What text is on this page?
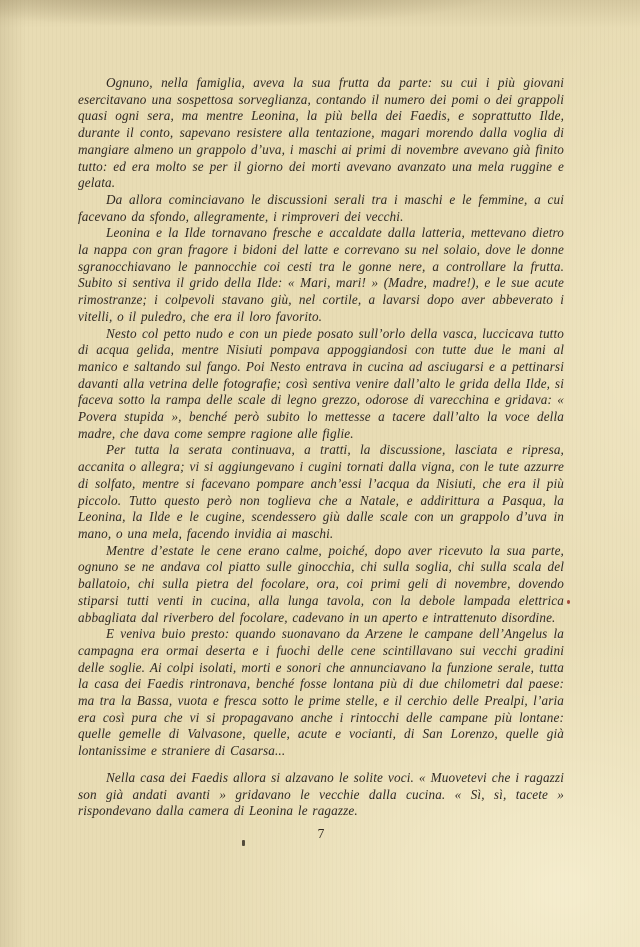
Ognuno, nella famiglia, aveva la sua frutta da parte: su cui i più giovani esercitavano una sospettosa sorveglianza, contando il numero dei pomi o dei grappoli quasi ogni sera, ma mentre Leonina, la più bella dei Faedis, e soprattutto Ilde, durante il conto, sapevano resistere alla tentazione, magari morendo dalla voglia di mangiare almeno un grappolo d’uva, i maschi ai primi di novembre avevano già finito tutto: ed era molto se per il giorno dei morti avevano avanzato una mela ruggine e gelata.

Da allora cominciavano le discussioni serali tra i maschi e le femmine, a cui facevano da sfondo, allegramente, i rimproveri dei vecchi.

Leonina e la Ilde tornavano fresche e accaldate dalla latteria, mettevano dietro la nappa con gran fragore i bidoni del latte e correvano su nel solaio, dove le donne sgranocchiavano le pannocchie coi cesti tra le gonne nere, a controllare la frutta. Subito si sentiva il grido della Ilde: « Mari, mari! » (Madre, madre!), e le sue acute rimostranze; i colpevoli stavano giù, nel cortile, a lavarsi dopo aver abbeverato i vitelli, o il puledro, che era il loro favorito.

Nesto col petto nudo e con un piede posato sull’orlo della vasca, luccicava tutto di acqua gelida, mentre Nisiuti pompava appoggiandosi con tutte due le mani al manico e saltando sul fango. Poi Nesto entrava in cucina ad asciugarsi e a pettinarsi davanti alla vetrina delle fotografie; così sentiva venire dall’alto le grida della Ilde, si faceva sotto la rampa delle scale di legno grezzo, odorose di varecchina e gridava: « Povera stupida », benché però subito lo mettesse a tacere dall’alto la voce della madre, che dava come sempre ragione alle figlie.

Per tutta la serata continuava, a tratti, la discussione, lasciata e ripresa, accanita o allegra; vi si aggiungevano i cugini tornati dalla vigna, con le tute azzurre di solfato, mentre si facevano pompare anch’essi l’acqua da Nisiuti, che era il più piccolo. Tutto questo però non toglieva che a Natale, e addirittura a Pasqua, la Leonina, la Ilde e le cugine, scendessero giù dalle scale con un grappolo d’uva in mano, o una mela, facendo invidia ai maschi.

Mentre d’estate le cene erano calme, poiché, dopo aver ricevuto la sua parte, ognuno se ne andava col piatto sulle ginocchia, chi sulla soglia, chi sulla scala del ballatoio, chi sulla pietra del focolare, ora, coi primi geli di novembre, dovendo stiparsi tutti venti in cucina, alla lunga tavola, con la debole lampada elettrica abbagliata dal riverbero del focolare, cadevano in un aperto e intrattenuto disordine.

E veniva buio presto: quando suonavano da Arzene le campane dell’Angelus la campagna era ormai deserta e i fuochi delle cene scintillavano sui vecchi gradini delle soglie. Ai colpi isolati, morti e sonori che annunciavano la funzione serale, tutta la casa dei Faedis rintronava, benché fosse lontana più di due chilometri dal paese: ma tra la Bassa, vuota e fresca sotto le prime stelle, e il cerchio delle Prealpi, l’aria era così pura che vi si propagavano anche i rintocchi delle campane più lontane: quelle gemelle di Valvasone, quelle, acute e vocianti, di San Lorenzo, quelle già lontanissime e straniere di Casarsa...

Nella casa dei Faedis allora si alzavano le solite voci. « Muovetevi che i ragazzi son già andati avanti » gridavano le vecchie dalla cucina. « Sì, sì, tacete » rispondevano dalla camera di Leonina le ragazze.

7
